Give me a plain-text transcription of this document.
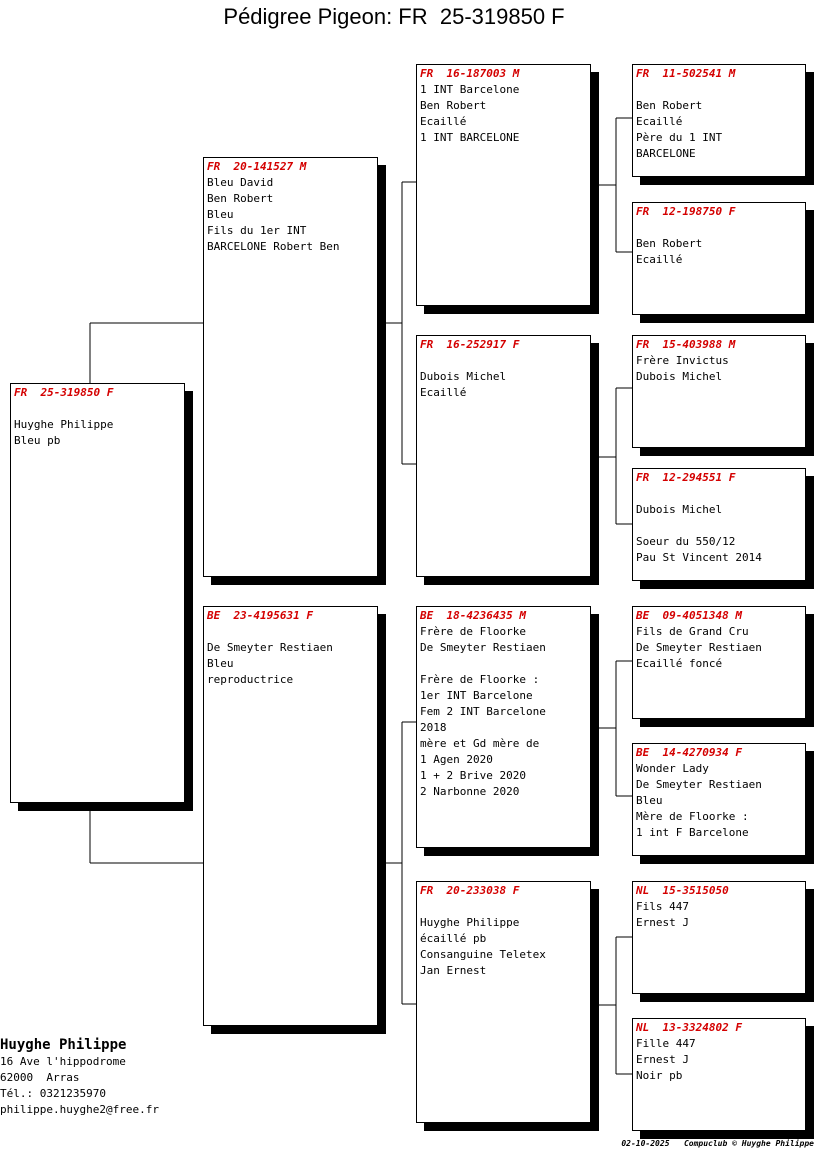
Pédigree Pigeon: FR  25-319850 F
FR  25-319850 F
Huyghe Philippe
Bleu pb
FR  20-141527 M
Bleu David
Ben Robert
Bleu
Fils du 1er INT
BARCELONE Robert Ben
BE  23-4195631 F
De Smeyter Restiaen
Bleu
reproductrice
FR  16-187003 M
1 INT Barcelone
Ben Robert
Ecaillé
1 INT BARCELONE
FR  16-252917 F
Dubois Michel
Ecaillé
BE  18-4236435 M
Frère de Floorke
De Smeyter Restiaen
Frère de Floorke :
1er INT Barcelone
Fem 2 INT Barcelone
2018
mère et Gd mère de
1 Agen 2020
1 + 2 Brive 2020
2 Narbonne 2020
FR  20-233038 F
Huyghe Philippe
écaillé pb
Consanguine Teletex
Jan Ernest
FR  11-502541 M
Ben Robert
Ecaillé
Père du 1 INT
BARCELONE
FR  12-198750 F
Ben Robert
Ecaillé
FR  15-403988 M
Frère Invictus
Dubois Michel
FR  12-294551 F
Dubois Michel
Soeur du 550/12
Pau St Vincent 2014
BE  09-4051348 M
Fils de Grand Cru
De Smeyter Restiaen
Ecaillé foncé
BE  14-4270934 F
Wonder Lady
De Smeyter Restiaen
Bleu
Mère de Floorke :
1 int F Barcelone
NL  15-3515050
Fils 447
Ernest J
NL  13-3324802 F
Fille 447
Ernest J
Noir pb
Huyghe Philippe
16 Ave l'hippodrome
62000  Arras
Tél.: 0321235970
philippe.huyghe2@free.fr
02-10-2025   Compuclub © Huyghe Philippe
